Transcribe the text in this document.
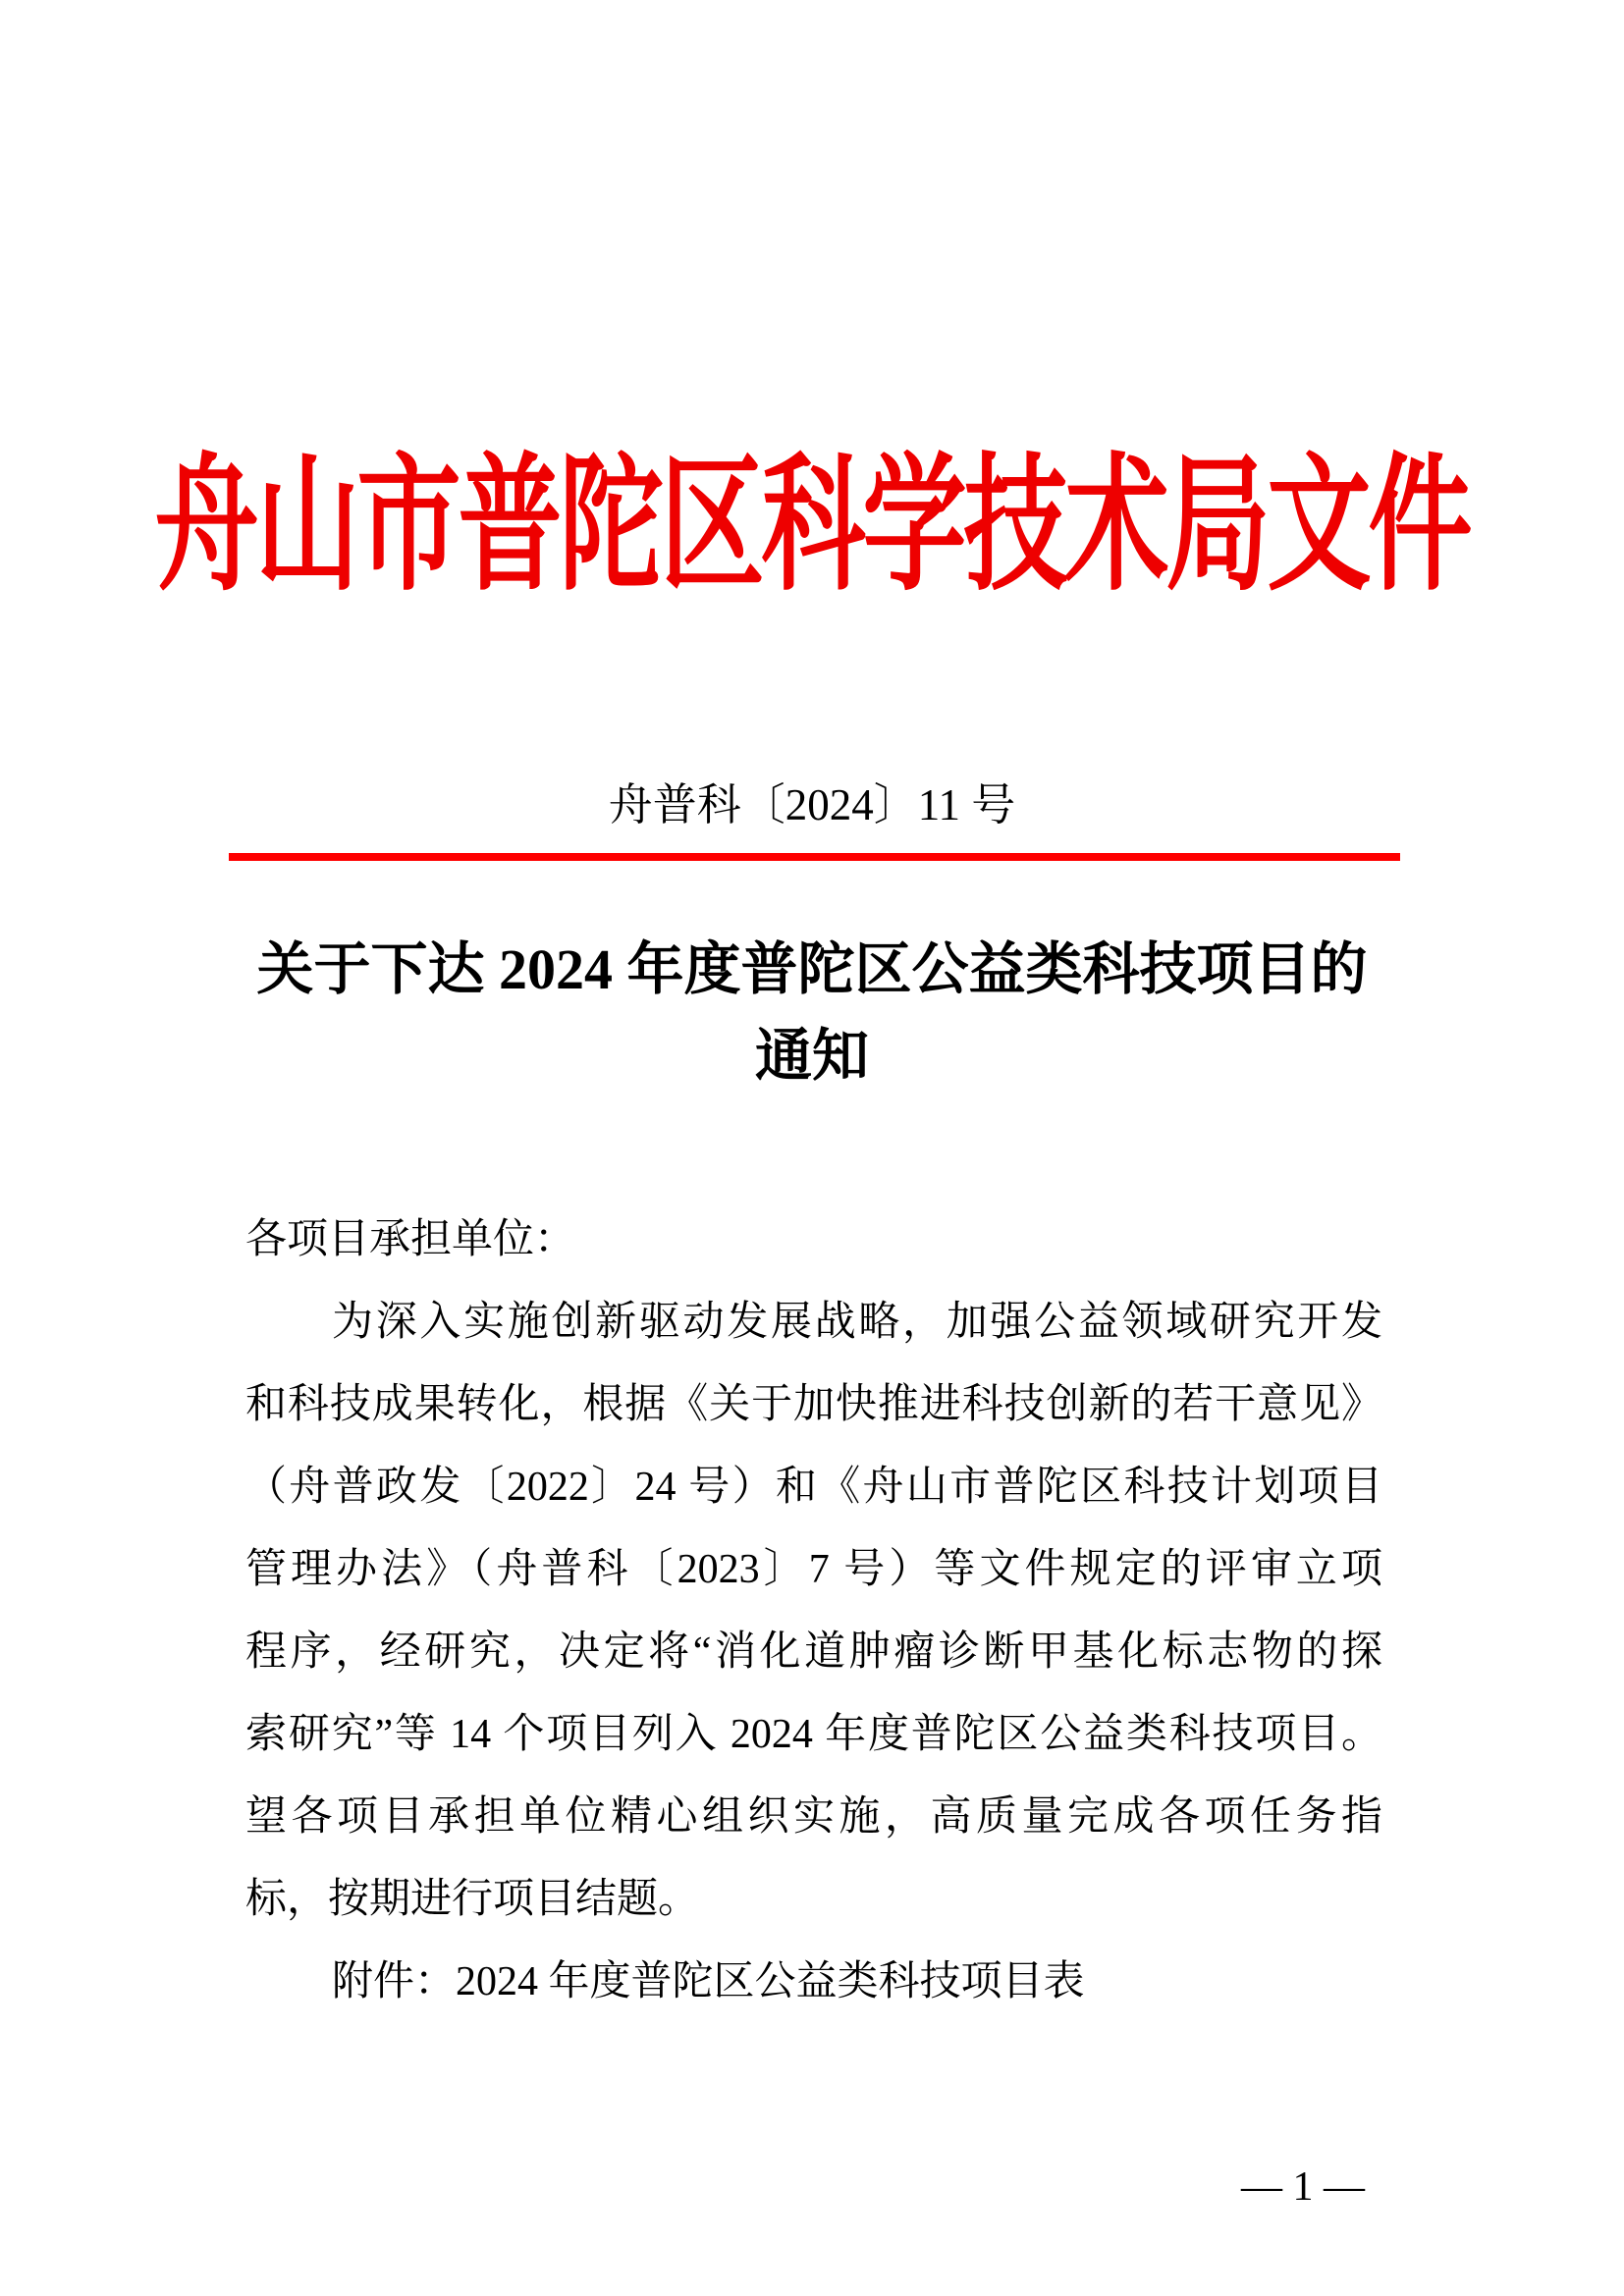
舟山市普陀区科学技术局文件
舟普科〔2024〕11 号
关于下达 2024 年度普陀区公益类科技项目的
通知
各项目承担单位：
为深入实施创新驱动发展战略，加强公益领域研究开发
和科技成果转化，根据《关于加快推进科技创新的若干意见》
（舟普政发〔2022〕24 号）和《舟山市普陀区科技计划项目
管理办法》（舟普科〔2023〕7 号）等文件规定的评审立项
程序，经研究，决定将“消化道肿瘤诊断甲基化标志物的探
索研究”等 14 个项目列入 2024 年度普陀区公益类科技项目。
望各项目承担单位精心组织实施，高质量完成各项任务指
标，按期进行项目结题。
附件：2024 年度普陀区公益类科技项目表
— 1 —
